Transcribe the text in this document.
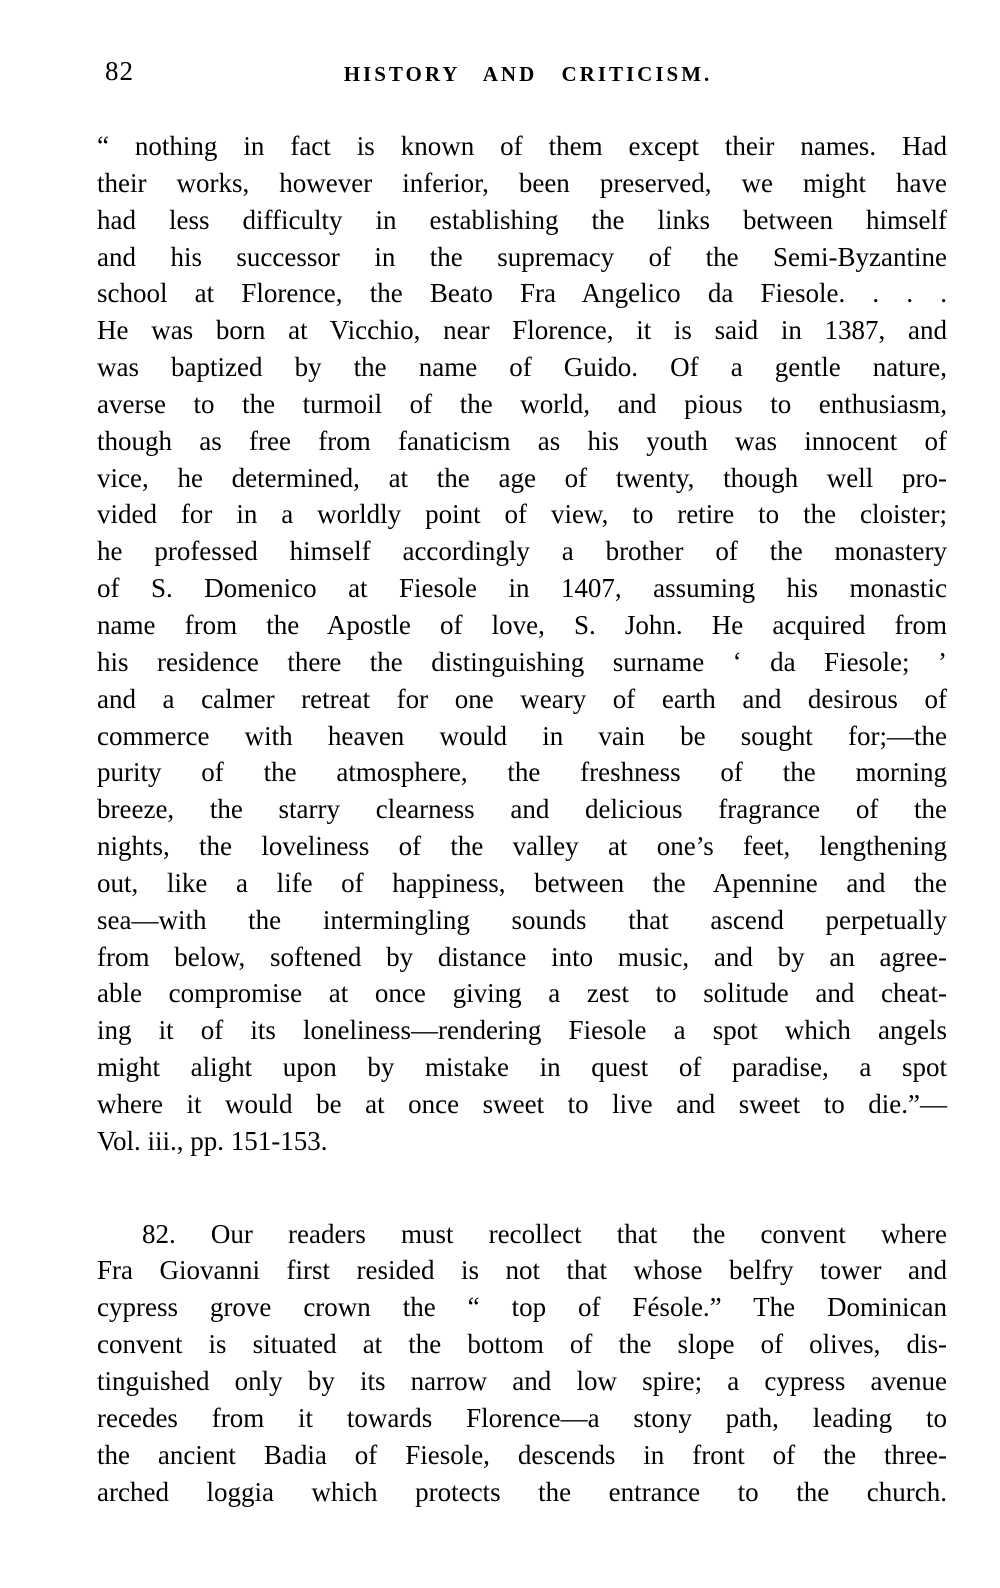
82	HISTORY AND CRITICISM.
“ nothing in fact is known of them except their names. Had
their works, however inferior, been preserved, we might have
had less difficulty in establishing the links between himself
and his successor in the supremacy of the Semi-Byzantine
school at Florence, the Beato Fra Angelico da Fiesole. . . .
He was born at Vicchio, near Florence, it is said in 1387, and
was baptized by the name of Guido. Of a gentle nature,
averse to the turmoil of the world, and pious to enthusiasm,
though as free from fanaticism as his youth was innocent of
vice, he determined, at the age of twenty, though well pro-
vided for in a worldly point of view, to retire to the cloister;
he professed himself accordingly a brother of the monastery
of S. Domenico at Fiesole in 1407, assuming his monastic
name from the Apostle of love, S. John. He acquired from
his residence there the distinguishing surname ‘ da Fiesole; ’
and a calmer retreat for one weary of earth and desirous of
commerce with heaven would in vain be sought for;—the
purity of the atmosphere, the freshness of the morning
breeze, the starry clearness and delicious fragrance of the
nights, the loveliness of the valley at one’s feet, lengthening
out, like a life of happiness, between the Apennine and the
sea—with the intermingling sounds that ascend perpetually
from below, softened by distance into music, and by an agree-
able compromise at once giving a zest to solitude and cheat-
ing it of its loneliness—rendering Fiesole a spot which angels
might alight upon by mistake in quest of paradise, a spot
where it would be at once sweet to live and sweet to die.”—
Vol. iii., pp. 151-153.
82. Our readers must recollect that the convent where
Fra Giovanni first resided is not that whose belfry tower and
cypress grove crown the “ top of Fésole.” The Dominican
convent is situated at the bottom of the slope of olives, dis-
tinguished only by its narrow and low spire; a cypress avenue
recedes from it towards Florence—a stony path, leading to
the ancient Badia of Fiesole, descends in front of the three-
arched loggia which protects the entrance to the church.
